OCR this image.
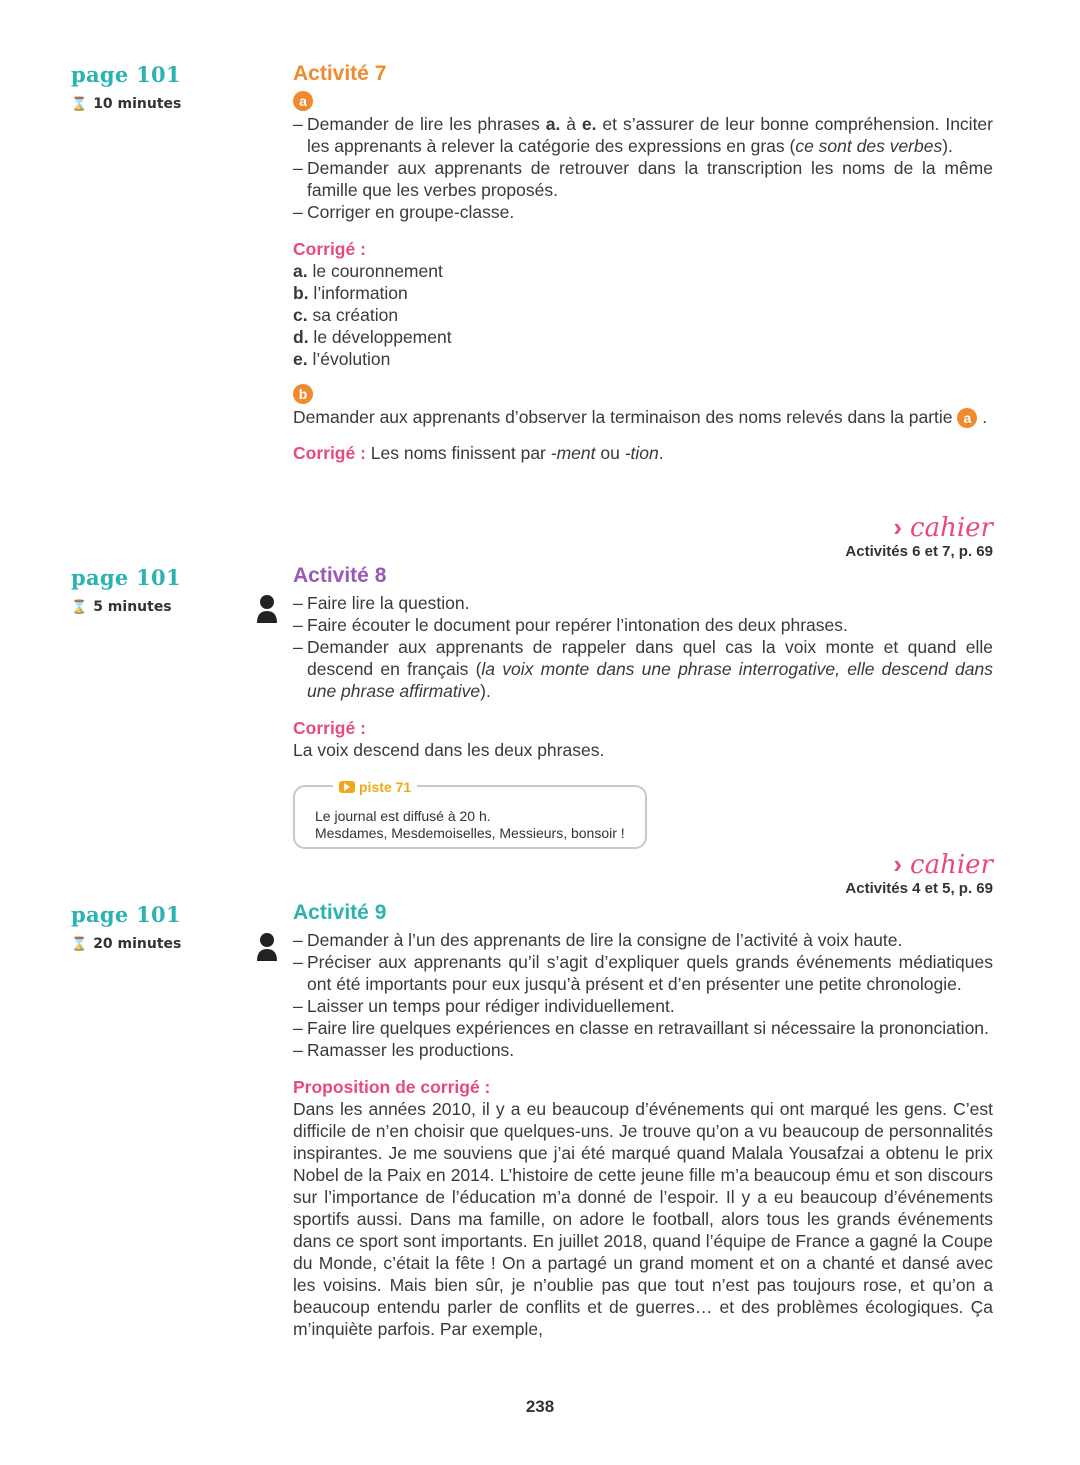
page 101
⌛ 10 minutes
Activité 7
a
– Demander de lire les phrases a. à e. et s’assurer de leur bonne compréhension. Inciter les apprenants à relever la catégorie des expressions en gras (ce sont des verbes).
– Demander aux apprenants de retrouver dans la transcription les noms de la même famille que les verbes proposés.
– Corriger en groupe-classe.
Corrigé :
a. le couronnement
b. l’information
c. sa création
d. le développement
e. l’évolution
b

Demander aux apprenants d’observer la terminaison des noms relevés dans la partie a .

Corrigé : Les noms finissent par -ment ou -tion.

› cahier
Activités 6 et 7, p. 69
page 101
⌛ 5 minutes
Activité 8
– Faire lire la question.
– Faire écouter le document pour repérer l’intonation des deux phrases.
– Demander aux apprenants de rappeler dans quel cas la voix monte et quand elle descend en français (la voix monte dans une phrase interrogative, elle descend dans une phrase affirmative).
Corrigé :
La voix descend dans les deux phrases.
piste 71
Le journal est diffusé à 20 h.
Mesdames, Mesdemoiselles, Messieurs, bonsoir !
› cahier
Activités 4 et 5, p. 69
page 101
⌛ 20 minutes
Activité 9
– Demander à l’un des apprenants de lire la consigne de l’activité à voix haute.
– Préciser aux apprenants qu’il s’agit d’expliquer quels grands événements médiatiques ont été importants pour eux jusqu’à présent et d’en présenter une petite chronologie.
– Laisser un temps pour rédiger individuellement.
– Faire lire quelques expériences en classe en retravaillant si nécessaire la prononciation.
– Ramasser les productions.
Proposition de corrigé :

Dans les années 2010, il y a eu beaucoup d’événements qui ont marqué les gens. C’est difficile de n’en choisir que quelques-uns. Je trouve qu’on a vu beaucoup de personnalités inspirantes. Je me souviens que j’ai été marqué quand Malala Yousafzai a obtenu le prix Nobel de la Paix en 2014. L’histoire de cette jeune fille m’a beaucoup ému et son discours sur l’importance de l’éducation m’a donné de l’espoir. Il y a eu beaucoup d’événements sportifs aussi. Dans ma famille, on adore le football, alors tous les grands événements dans ce sport sont importants. En juillet 2018, quand l’équipe de France a gagné la Coupe du Monde, c’était la fête ! On a partagé un grand moment et on a chanté et dansé avec les voisins. Mais bien sûr, je n’oublie pas que tout n’est pas toujours rose, et qu’on a beaucoup entendu parler de conflits et de guerres… et des problèmes écologiques. Ça m’inquiète parfois. Par exemple,

238
